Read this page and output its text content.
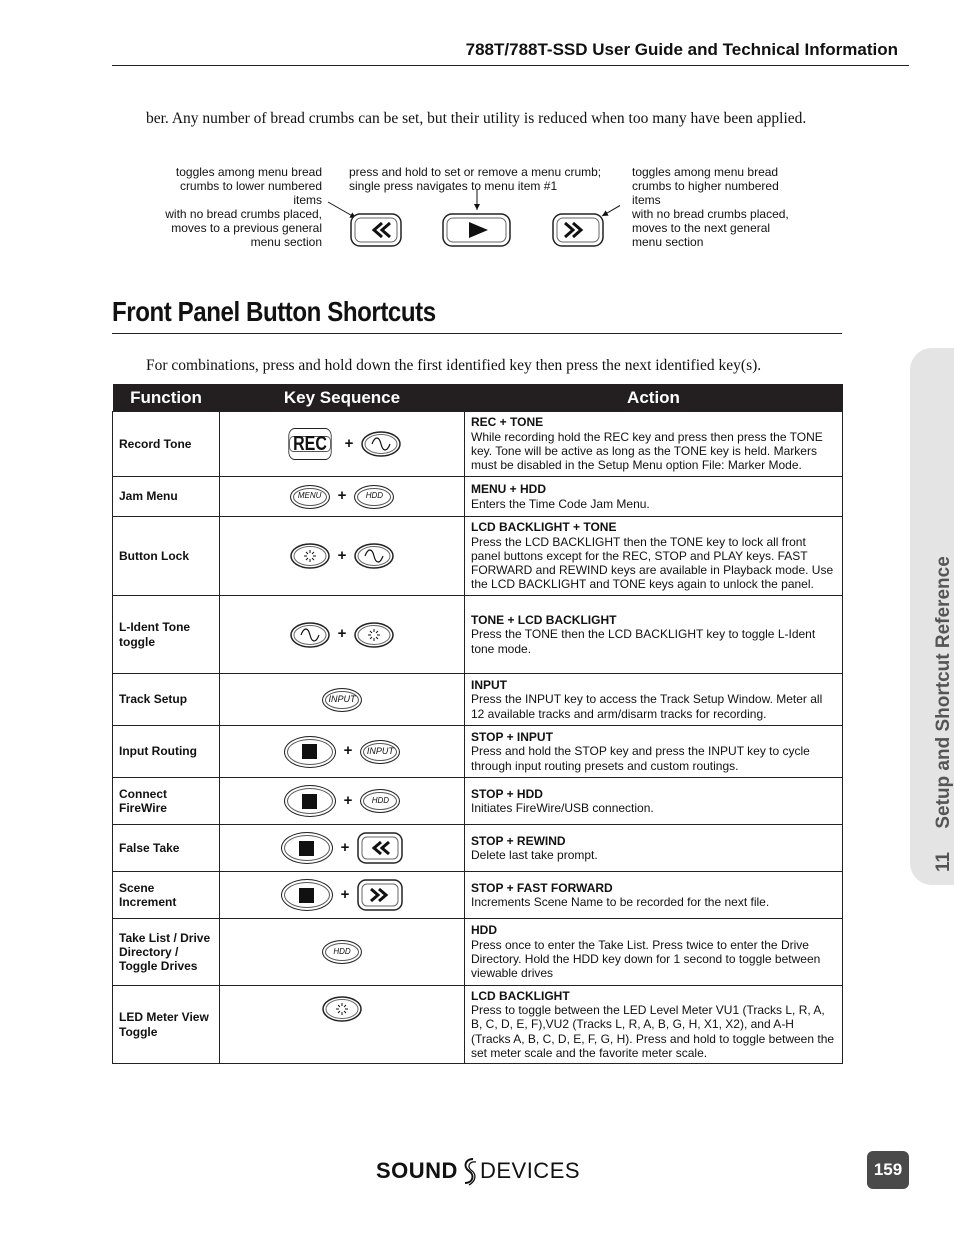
788T/788T-SSD User Guide and Technical Information
ber. Any number of bread crumbs can be set, but their utility is reduced when too many have been applied.
toggles among menu bread crumbs to lower numbered items
with no bread crumbs placed, moves to a previous general menu section
press and hold to set or remove a menu crumb; single press navigates to menu item #1
toggles among menu bread crumbs to higher numbered items
with no bread crumbs placed, moves to the next general menu section
Front Panel Button Shortcuts
For combinations, press and hold down the first identified key then press the next identified key(s).
Function	Key Sequence	Action
Record Tone	REC +	REC + TONE
While recording hold the REC key and press then press the TONE key. Tone will be active as long as the TONE key is held. Markers must be disabled in the Setup Menu option File: Marker Mode.
Jam Menu	MENU + HDD	MENU + HDD
Enters the Time Code Jam Menu.
Button Lock	+	LCD BACKLIGHT + TONE
Press the LCD BACKLIGHT then the TONE key to lock all front panel buttons except for the REC, STOP and PLAY keys. FAST FORWARD and REWIND keys are available in Playback mode. Use the LCD BACKLIGHT and TONE keys again to unlock the panel.
L-Ident Tone toggle	+	TONE + LCD BACKLIGHT
Press the TONE then the LCD BACKLIGHT key to toggle L-Ident tone mode.
Track Setup	INPUT	INPUT
Press the INPUT key to access the Track Setup Window. Meter all 12 available tracks and arm/disarm tracks for recording.
Input Routing	+ INPUT	STOP + INPUT
Press and hold the STOP key and press the INPUT key to cycle through input routing presets and custom routings.
Connect FireWire	+ HDD	STOP + HDD
Initiates FireWire/USB connection.
False Take	+	STOP + REWIND
Delete last take prompt.
Scene Increment	+	STOP + FAST FORWARD
Increments Scene Name to be recorded for the next file.
Take List / Drive Directory / Toggle Drives	HDD	HDD
Press once to enter the Take List. Press twice to enter the Drive Directory. Hold the HDD key down for 1 second to toggle between viewable drives
LED Meter View Toggle		LCD BACKLIGHT
Press to toggle between the LED Level Meter VU1 (Tracks L, R, A, B, C, D, E, F),VU2 (Tracks L, R, A, B, G, H, X1, X2), and A-H (Tracks A, B, C, D, E, F, G, H). Press and hold to toggle between the set meter scale and the favorite meter scale.
11 Setup and Shortcut Reference
SOUND DEVICES	159
